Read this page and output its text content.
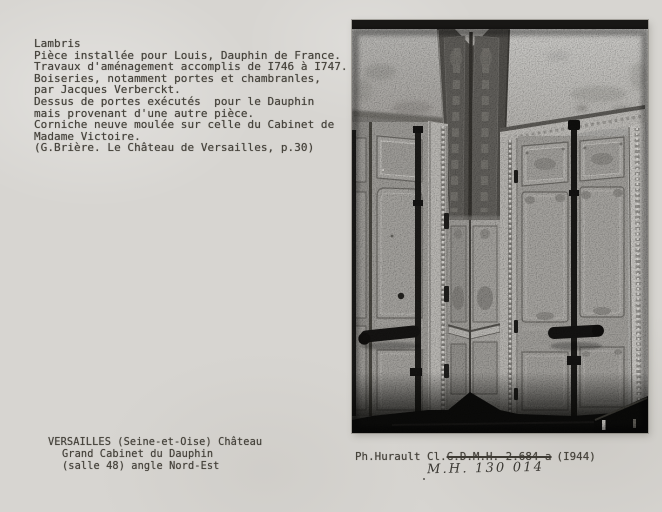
Lambris
Pièce installée pour Louis, Dauphin de France.
Travaux d'aménagement accomplis de I746 à I747.
Boiseries, notamment portes et chambranles,
par Jacques Verberckt.
Dessus de portes exécutés  pour le Dauphin
mais provenant d'une autre pièce.
Corniche neuve moulée sur celle du Cabinet de
Madame Victoire.
(G.Brière. Le Château de Versailles, p.30)
VERSAILLES (Seine-et-Oise) Château
Grand Cabinet du Dauphin
(salle 48) angle Nord-Est
Ph.Hurault Cl.G.D.M.H. 2.684 a (I944)
M.H. 130 014
